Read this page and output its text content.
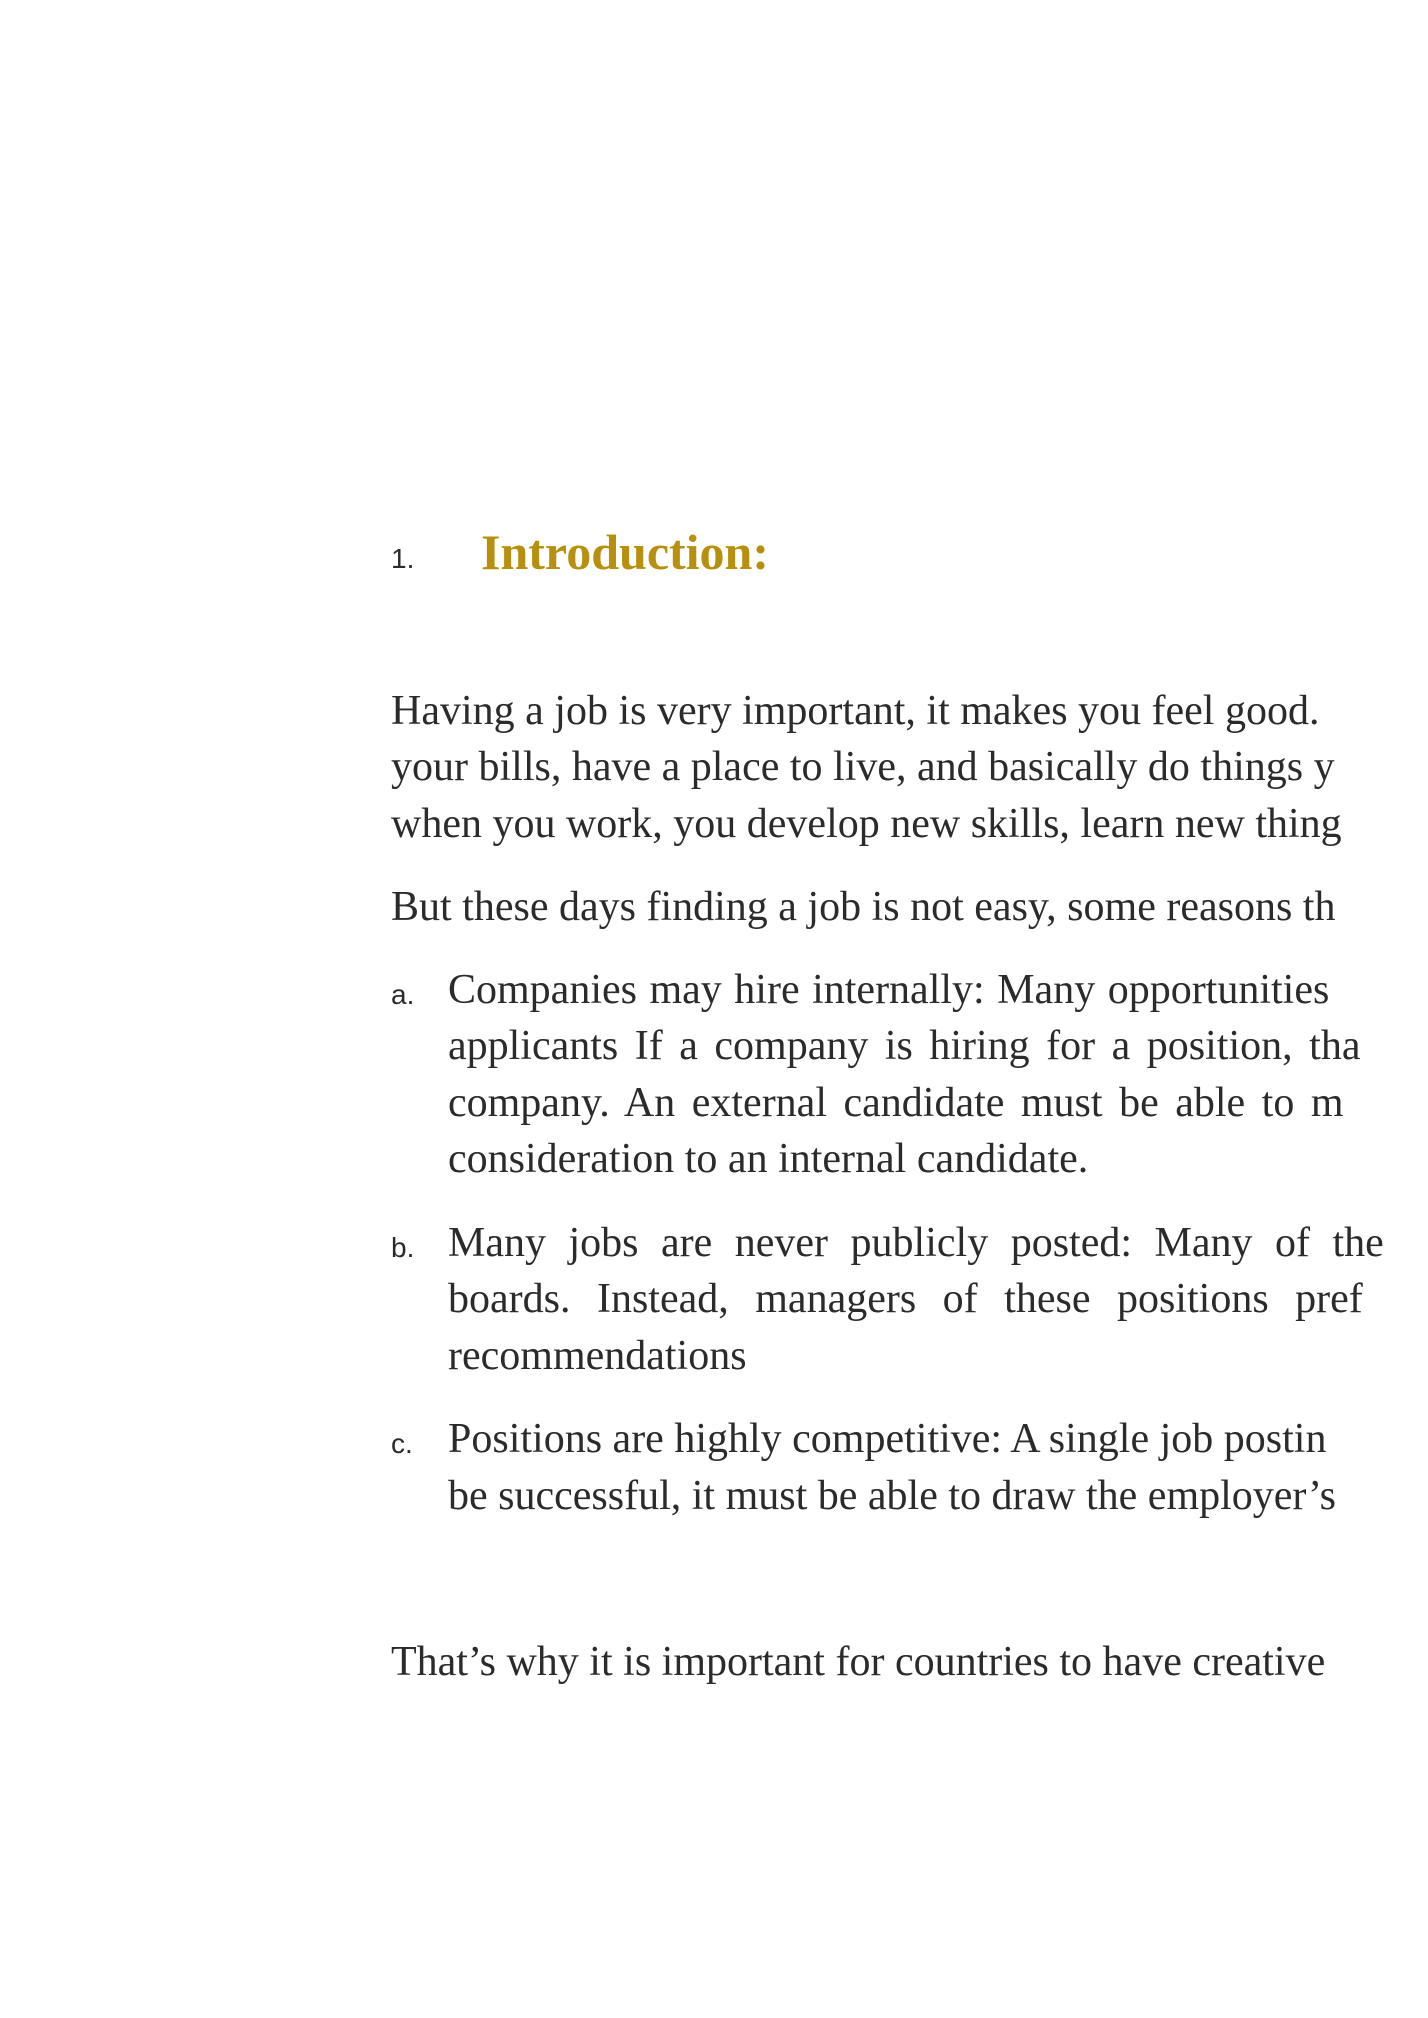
1. Introduction:
Having a job is very important, it makes you feel good.
your bills, have a place to live, and basically do things y
when you work, you develop new skills, learn new thing
But these days finding a job is not easy, some reasons th
a. Companies may hire internally: Many opportunities
applicants If a company is hiring for a position, tha
company. An external candidate must be able to m
consideration to an internal candidate.
b. Many jobs are never publicly posted: Many of the
boards. Instead, managers of these positions pref
recommendations
c. Positions are highly competitive: A single job postin
be successful, it must be able to draw the employer’s
That’s why it is important for countries to have creative
